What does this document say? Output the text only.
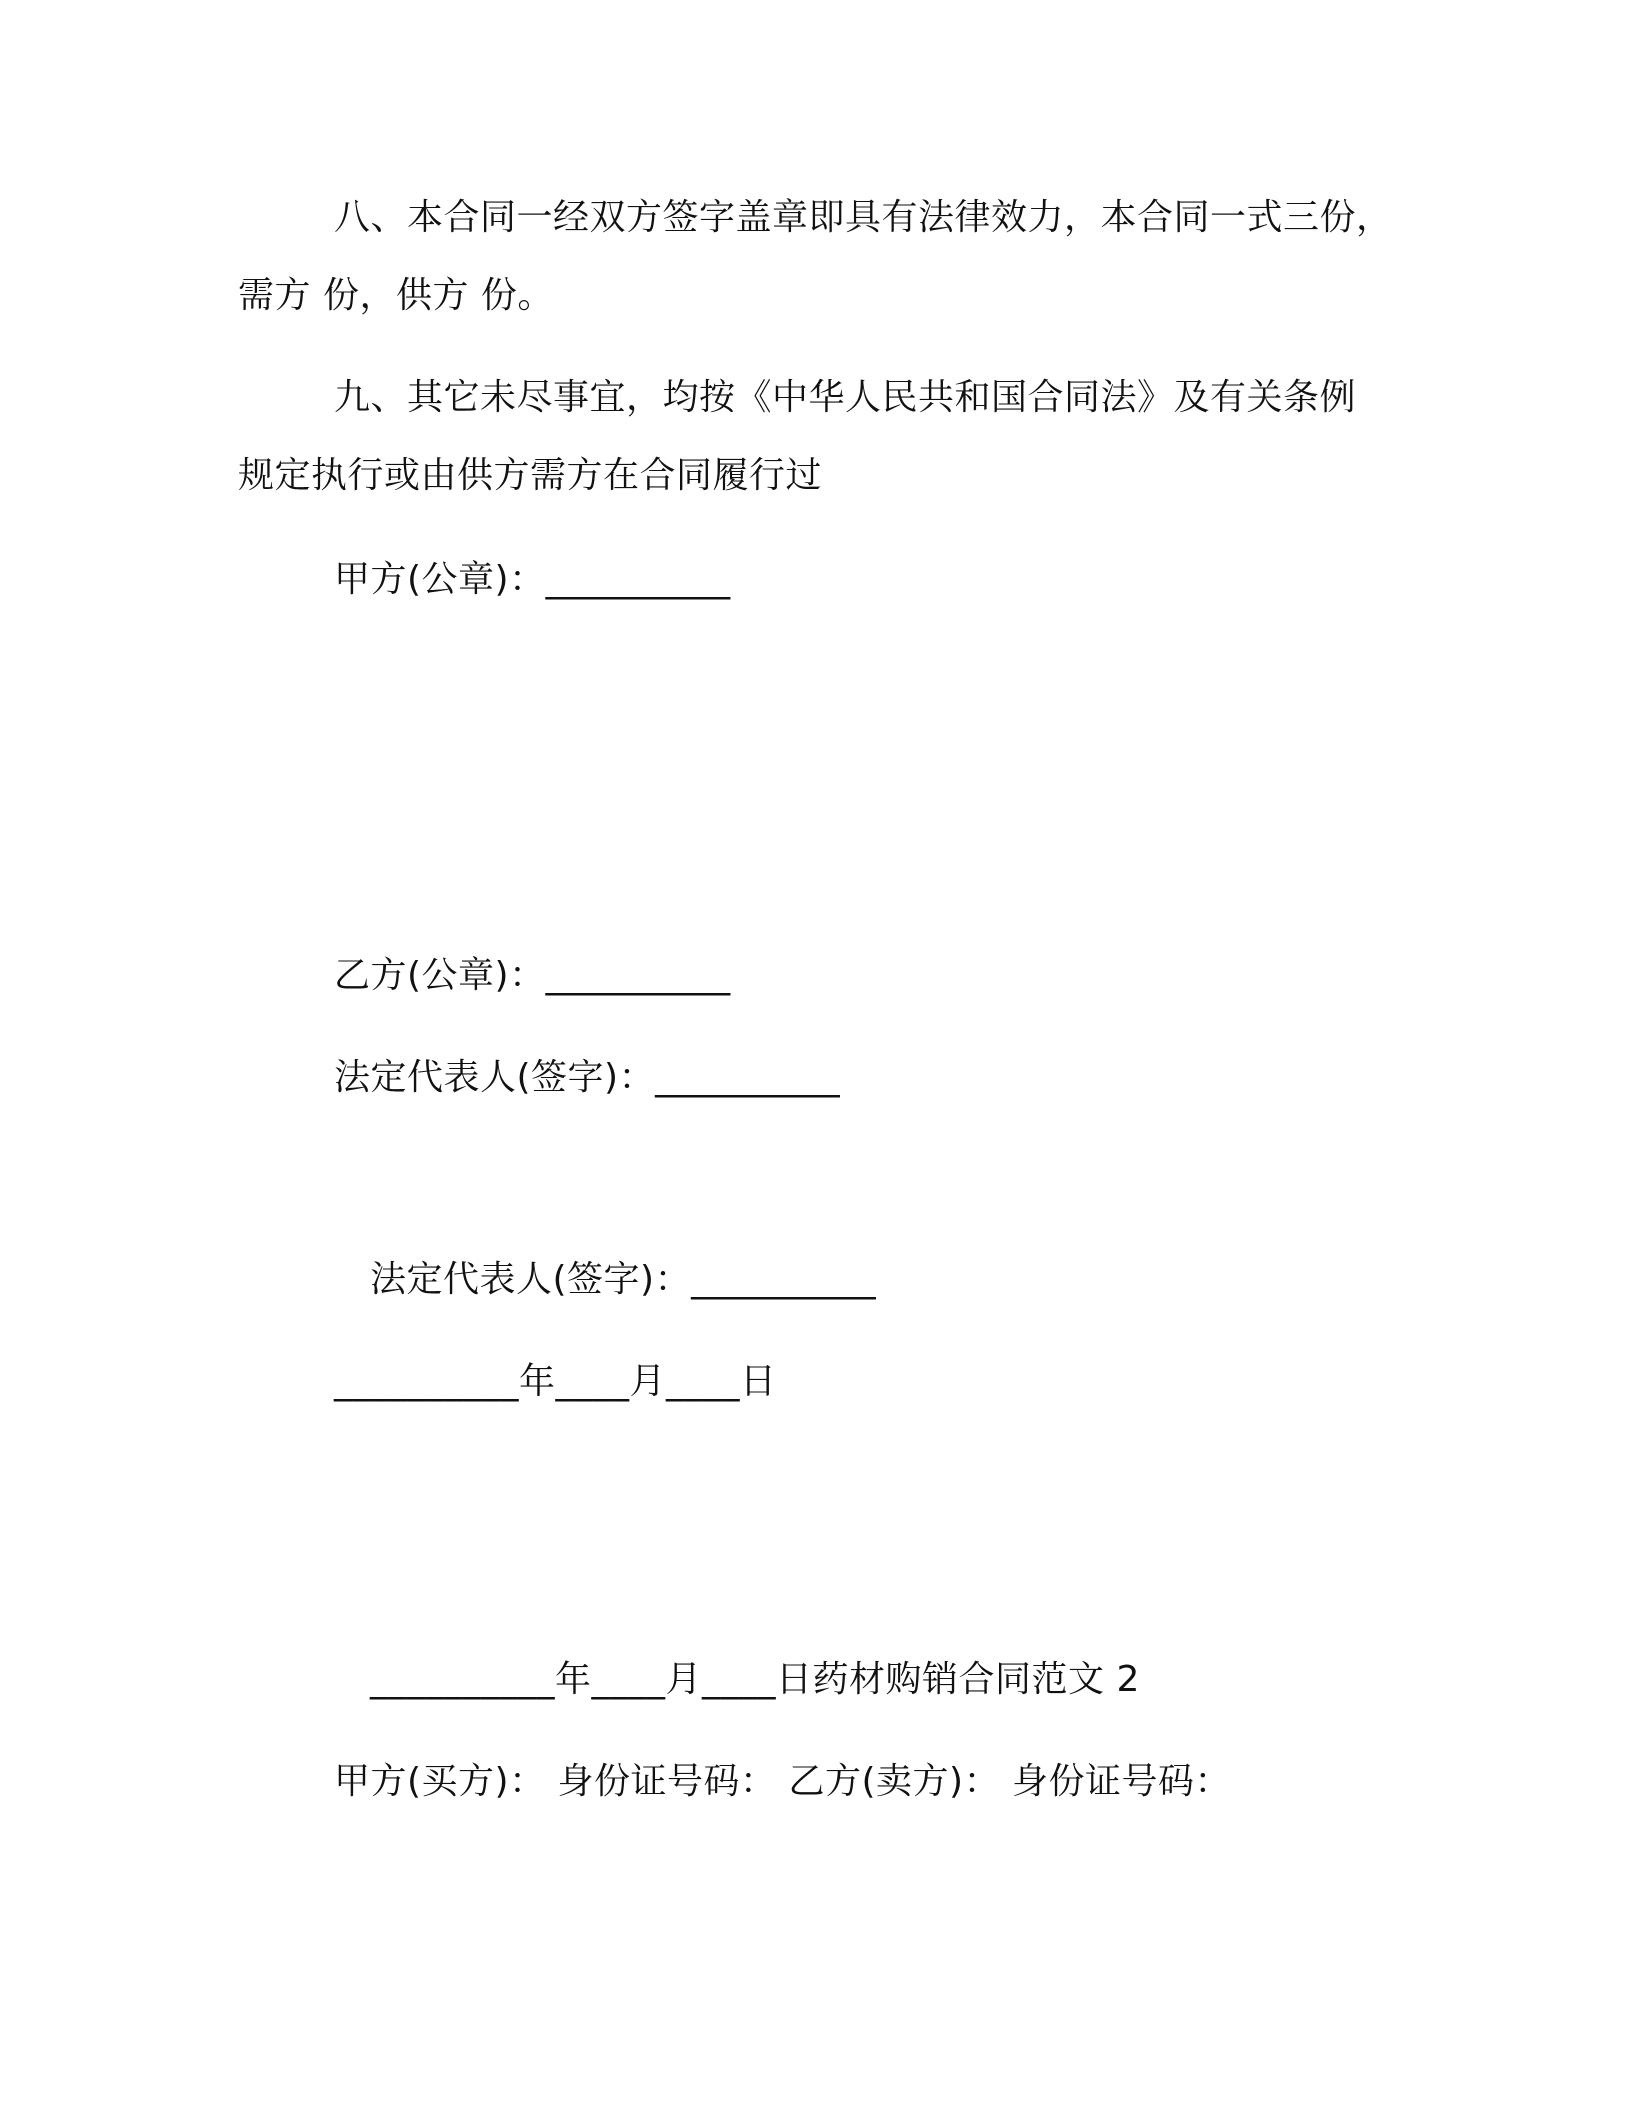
八、本合同一经双方签字盖章即具有法律效力，本合同一式三份，
需方 份，供方 份。
九、其它未尽事宜，均按《中华人民共和国合同法》及有关条例
规定执行或由供方需方在合同履行过
甲方(公章)：__________
乙方(公章)：__________
法定代表人(签字)：__________
法定代表人(签字)：__________
__________年____月____日
__________年____月____日药材购销合同范文 2
甲方(买方)： 身份证号码： 乙方(卖方)： 身份证号码：
